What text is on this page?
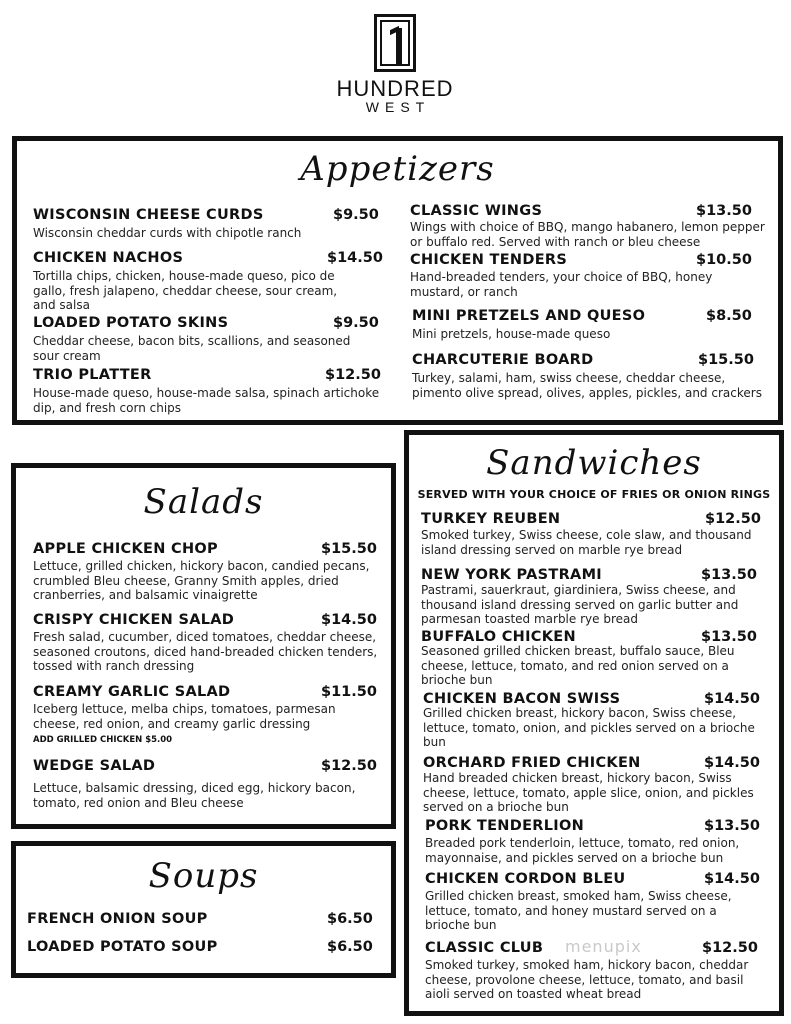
HUNDRED
WEST
Appetizers
WISCONSIN CHEESE CURDS	$9.50
Wisconsin cheddar curds with chipotle ranch
CHICKEN NACHOS	$14.50
Tortilla chips, chicken, house-made queso, pico de gallo, fresh jalapeno, cheddar cheese, sour cream, and salsa
LOADED POTATO SKINS	$9.50
Cheddar cheese, bacon bits, scallions, and seasoned sour cream
TRIO PLATTER	$12.50
House-made queso, house-made salsa, spinach artichoke dip, and fresh corn chips
CLASSIC WINGS	$13.50
Wings with choice of BBQ, mango habanero, lemon pepper or buffalo red. Served with ranch or bleu cheese
CHICKEN TENDERS	$10.50
Hand-breaded tenders, your choice of BBQ, honey mustard, or ranch
MINI PRETZELS AND QUESO	$8.50
Mini pretzels, house-made queso
CHARCUTERIE BOARD	$15.50
Turkey, salami, ham, swiss cheese, cheddar cheese, pimento olive spread, olives, apples, pickles, and crackers
Salads
APPLE CHICKEN CHOP	$15.50
Lettuce, grilled chicken, hickory bacon, candied pecans, crumbled Bleu cheese, Granny Smith apples, dried cranberries, and balsamic vinaigrette
CRISPY CHICKEN SALAD	$14.50
Fresh salad, cucumber, diced tomatoes, cheddar cheese, seasoned croutons, diced hand-breaded chicken tenders, tossed with ranch dressing
CREAMY GARLIC SALAD	$11.50
Iceberg lettuce, melba chips, tomatoes, parmesan cheese, red onion, and creamy garlic dressing
ADD GRILLED CHICKEN $5.00
WEDGE SALAD	$12.50
Lettuce, balsamic dressing, diced egg, hickory bacon, tomato, red onion and Bleu cheese
Soups
FRENCH ONION SOUP	$6.50
LOADED POTATO SOUP	$6.50
Sandwiches
SERVED WITH YOUR CHOICE OF FRIES OR ONION RINGS
TURKEY REUBEN	$12.50
Smoked turkey, Swiss cheese, cole slaw, and thousand island dressing served on marble rye bread
NEW YORK PASTRAMI	$13.50
Pastrami, sauerkraut, giardiniera, Swiss cheese, and thousand island dressing served on garlic butter and parmesan toasted marble rye bread
BUFFALO CHICKEN	$13.50
Seasoned grilled chicken breast, buffalo sauce, Bleu cheese, lettuce, tomato, and red onion served on a brioche bun
CHICKEN BACON SWISS	$14.50
Grilled chicken breast, hickory bacon, Swiss cheese, lettuce, tomato, onion, and pickles served on a brioche bun
ORCHARD FRIED CHICKEN	$14.50
Hand breaded chicken breast, hickory bacon, Swiss cheese, lettuce, tomato, apple slice, onion, and pickles served on a brioche bun
PORK TENDERLION	$13.50
Breaded pork tenderloin, lettuce, tomato, red onion, mayonnaise, and pickles served on a brioche bun
CHICKEN CORDON BLEU	$14.50
Grilled chicken breast, smoked ham, Swiss cheese, lettuce, tomato, and honey mustard served on a brioche bun
CLASSIC CLUB	$12.50
Smoked turkey, smoked ham, hickory bacon, cheddar cheese, provolone cheese, lettuce, tomato, and basil aioli served on toasted wheat bread
menupix
